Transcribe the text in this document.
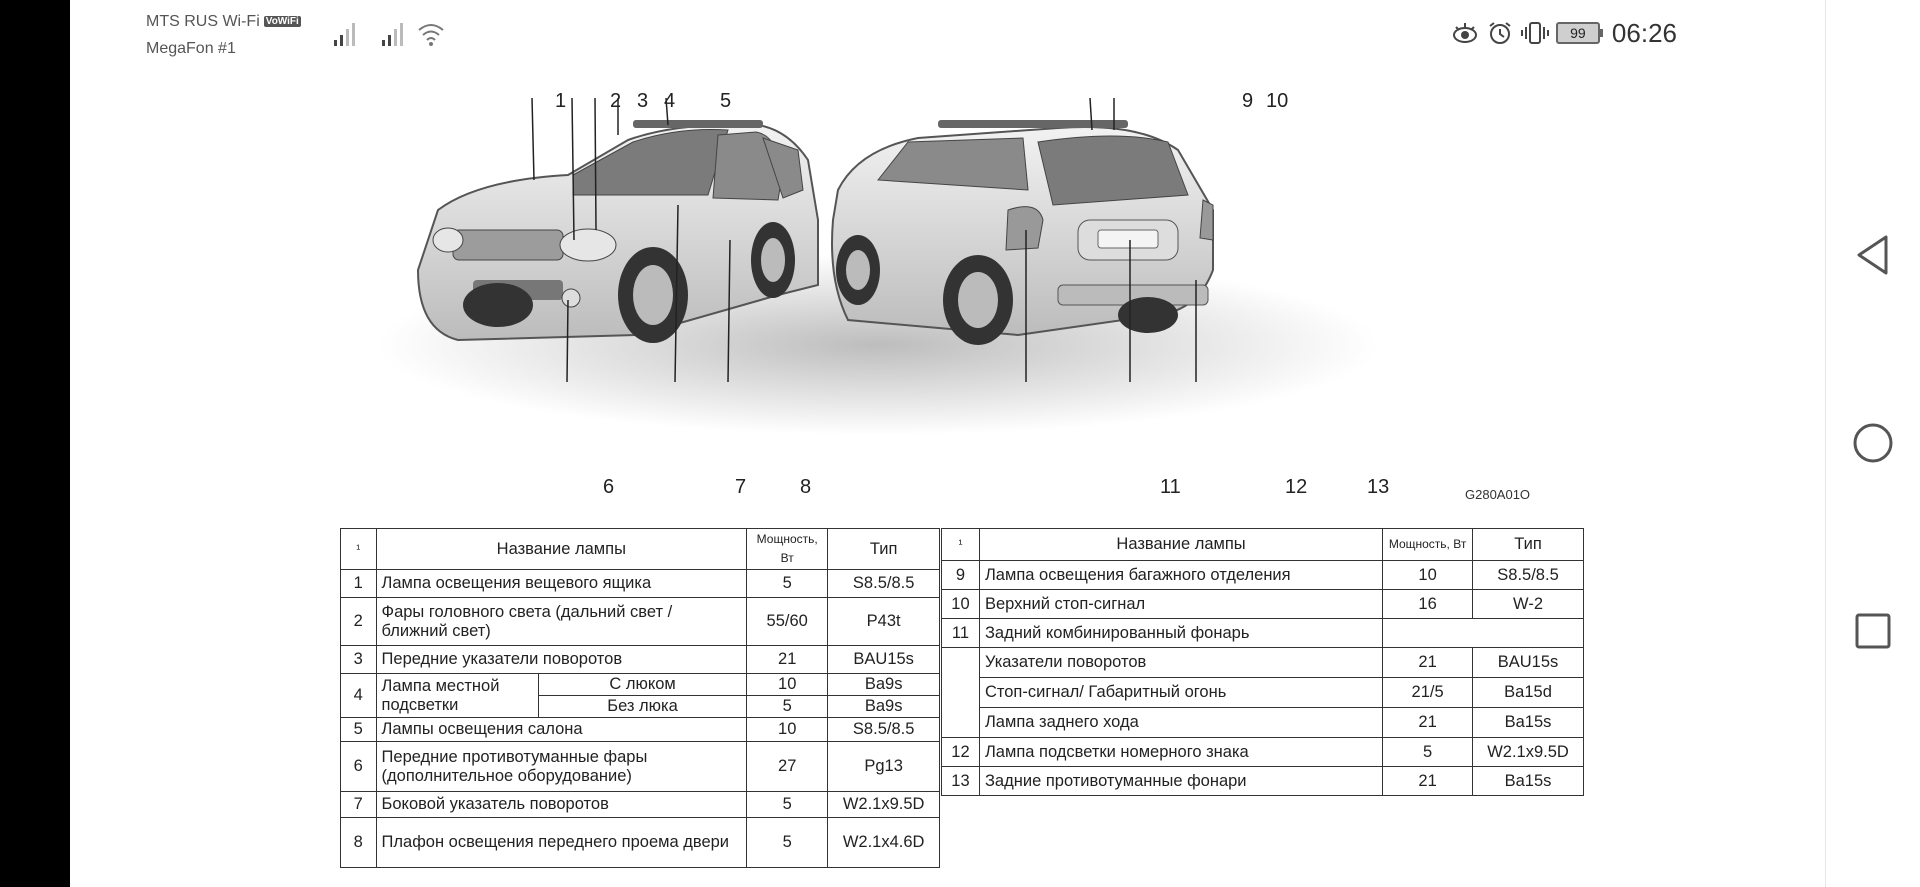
MTS RUS Wi-Fi VoWiFi
MegaFon #1
99	06:26
1 2 3 4 5
6	7	8
9 10
11	12	13	G280A01O
¹	Название лампы		Мощность, Вт	Тип
1	Лампа освещения вещевого ящика		5	S8.5/8.5
2	Фары головного света (дальний свет / ближний свет)		55/60	P43t
3	Передние указатели поворотов		21	BAU15s
4	Лампа местной подсветки	С люком	10	Ba9s
		Без люка	5	Ba9s
5	Лампы освещения салона		10	S8.5/8.5
6	Передние противотуманные фары (дополнительное оборудование)		27	Pg13
7	Боковой указатель поворотов		5	W2.1x9.5D
8	Плафон освещения переднего проема двери		5	W2.1x4.6D
¹	Название лампы	Мощность, Вт	Тип
9	Лампа освещения багажного отделения	10	S8.5/8.5
10	Верхний стоп-сигнал	16	W-2
11	Задний комбинированный фонарь		
	Указатели поворотов	21	BAU15s
	Стоп-сигнал/ Габаритный огонь	21/5	Ba15d
	Лампа заднего хода	21	Ba15s
12	Лампа подсветки номерного знака	5	W2.1x9.5D
13	Задние противотуманные фонари	21	Ba15s
